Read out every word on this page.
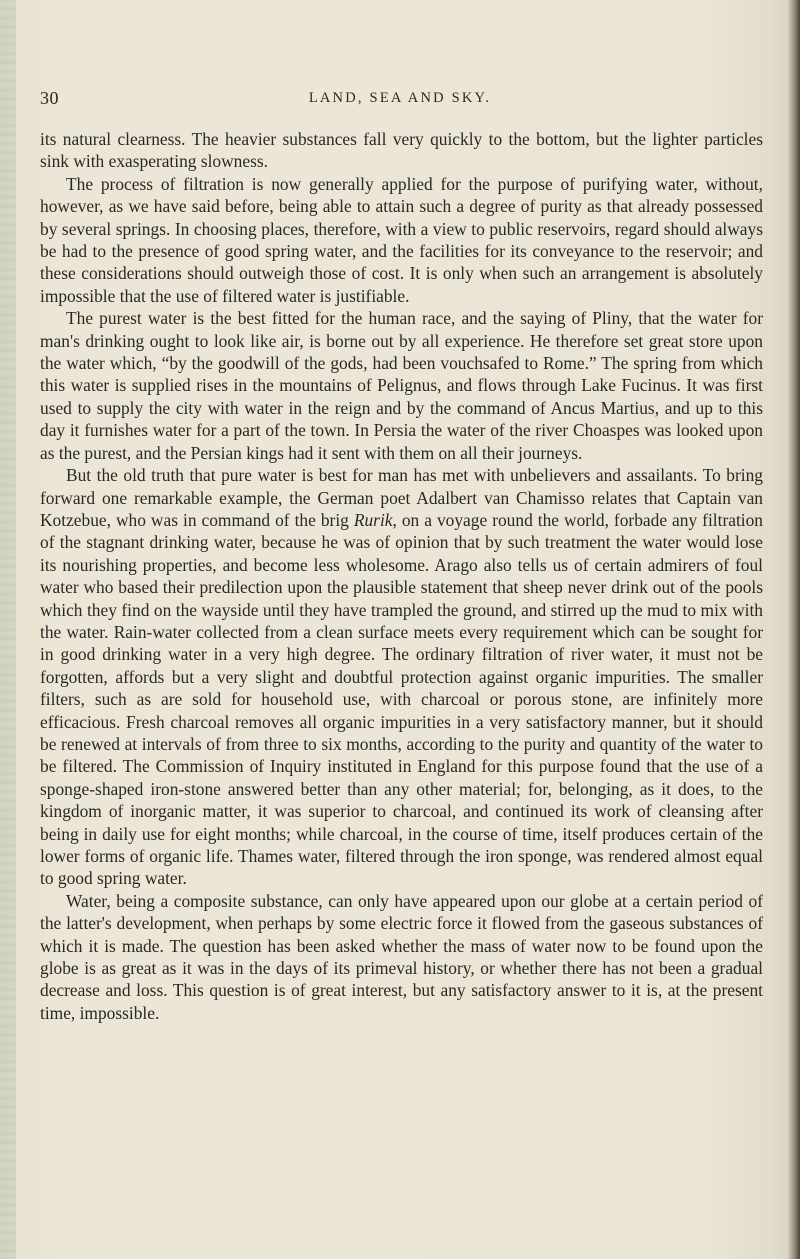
30	LAND, SEA AND SKY.

its natural clearness. The heavier substances fall very quickly to the bottom, but the lighter particles sink with exasperating slowness.

The process of filtration is now generally applied for the purpose of purifying water, without, however, as we have said before, being able to attain such a degree of purity as that already possessed by several springs. In choosing places, therefore, with a view to public reservoirs, regard should always be had to the presence of good spring water, and the facilities for its conveyance to the reservoir; and these considerations should outweigh those of cost. It is only when such an arrangement is absolutely impossible that the use of filtered water is justifiable.

The purest water is the best fitted for the human race, and the saying of Pliny, that the water for man's drinking ought to look like air, is borne out by all experience. He therefore set great store upon the water which, “by the goodwill of the gods, had been vouchsafed to Rome.” The spring from which this water is supplied rises in the mountains of Pelignus, and flows through Lake Fucinus. It was first used to supply the city with water in the reign and by the command of Ancus Martius, and up to this day it furnishes water for a part of the town. In Persia the water of the river Choaspes was looked upon as the purest, and the Persian kings had it sent with them on all their journeys.

But the old truth that pure water is best for man has met with unbelievers and assailants. To bring forward one remarkable example, the German poet Adalbert van Chamisso relates that Captain van Kotzebue, who was in command of the brig Rurik, on a voyage round the world, forbade any filtration of the stagnant drinking water, because he was of opinion that by such treatment the water would lose its nourishing properties, and become less wholesome. Arago also tells us of certain admirers of foul water who based their predilection upon the plausible statement that sheep never drink out of the pools which they find on the wayside until they have trampled the ground, and stirred up the mud to mix with the water. Rain-water collected from a clean surface meets every requirement which can be sought for in good drinking water in a very high degree. The ordinary filtration of river water, it must not be forgotten, affords but a very slight and doubtful protection against organic impurities. The smaller filters, such as are sold for household use, with charcoal or porous stone, are infinitely more efficacious. Fresh charcoal removes all organic impurities in a very satisfactory manner, but it should be renewed at intervals of from three to six months, according to the purity and quantity of the water to be filtered. The Commission of Inquiry instituted in England for this purpose found that the use of a sponge-shaped iron-stone answered better than any other material; for, belonging, as it does, to the kingdom of inorganic matter, it was superior to charcoal, and continued its work of cleansing after being in daily use for eight months; while charcoal, in the course of time, itself produces certain of the lower forms of organic life. Thames water, filtered through the iron sponge, was rendered almost equal to good spring water.

Water, being a composite substance, can only have appeared upon our globe at a certain period of the latter's development, when perhaps by some electric force it flowed from the gaseous substances of which it is made. The question has been asked whether the mass of water now to be found upon the globe is as great as it was in the days of its primeval history, or whether there has not been a gradual decrease and loss. This question is of great interest, but any satisfactory answer to it is, at the present time, impossible.
